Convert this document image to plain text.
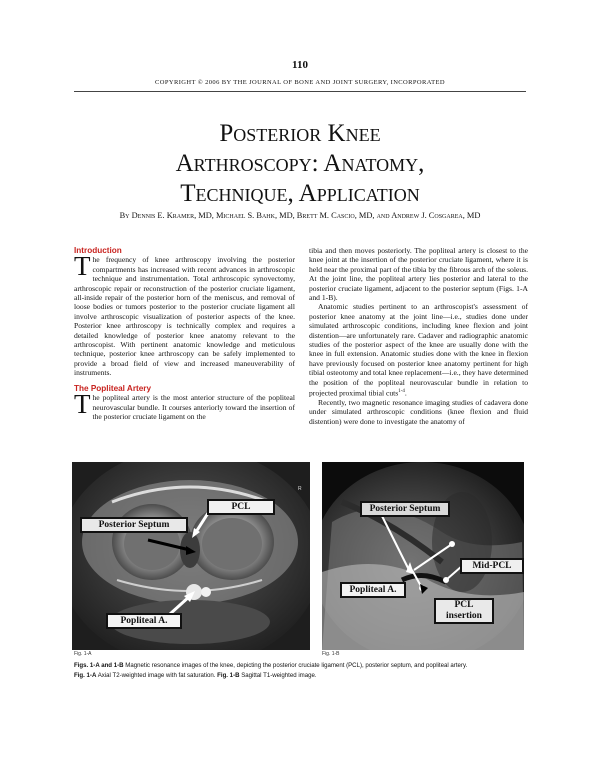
110
COPYRIGHT © 2006 BY THE JOURNAL OF BONE AND JOINT SURGERY, INCORPORATED
Posterior Knee
Arthroscopy: Anatomy,
Technique, Application
By Dennis E. Kramer, MD, Michael S. Bahk, MD, Brett M. Cascio, MD, and Andrew J. Cosgarea, MD
Introduction

The frequency of knee arthroscopy involving the posterior compartments has increased with recent advances in arthroscopic technique and instrumentation. Total arthroscopic synovectomy, arthroscopic repair or reconstruction of the posterior cruciate ligament, all-inside repair of the posterior horn of the meniscus, and removal of loose bodies or tumors posterior to the posterior cruciate ligament all involve arthroscopic visualization of posterior aspects of the knee. Posterior knee arthroscopy is technically complex and requires a detailed knowledge of posterior knee anatomy relevant to the arthroscopist. With pertinent anatomic knowledge and meticulous technique, posterior knee arthroscopy can be safely implemented to provide a broad field of view and increased maneuverability of instruments.

The Popliteal Artery

The popliteal artery is the most anterior structure of the popliteal neurovascular bundle. It courses anteriorly toward the insertion of the posterior cruciate ligament on the

tibia and then moves posteriorly. The popliteal artery is closest to the knee joint at the insertion of the posterior cruciate ligament, where it is held near the proximal part of the tibia by the fibrous arch of the soleus. At the joint line, the popliteal artery lies posterior and lateral to the posterior cruciate ligament, adjacent to the posterior septum (Figs. 1-A and 1-B).

Anatomic studies pertinent to an arthroscopist's assessment of posterior knee anatomy at the joint line—i.e., studies done under simulated arthroscopic conditions, including knee flexion and joint distention—are unfortunately rare. Cadaver and radiographic anatomic studies of the posterior aspect of the knee are usually done with the knee in full extension. Anatomic studies done with the knee in flexion have previously focused on posterior knee anatomy pertinent for high tibial osteotomy and total knee replacement—i.e., they have determined the position of the popliteal neurovascular bundle in relation to projected proximal tibial cuts$^{1-4}$.

Recently, two magnetic resonance imaging studies of cadavera done under simulated arthroscopic conditions (knee flexion and fluid distention) were done to investigate the anatomy of

PCL
Posterior Septum
Popliteal A.
R
Fig. 1-A
Posterior Septum
Mid-PCL
Popliteal A.
PCL
insertion
Fig. 1-B
Figs. 1-A and 1-B Magnetic resonance images of the knee, depicting the posterior cruciate ligament (PCL), posterior septum, and popliteal artery.
Fig. 1-A Axial T2-weighted image with fat saturation. Fig. 1-B Sagittal T1-weighted image.
